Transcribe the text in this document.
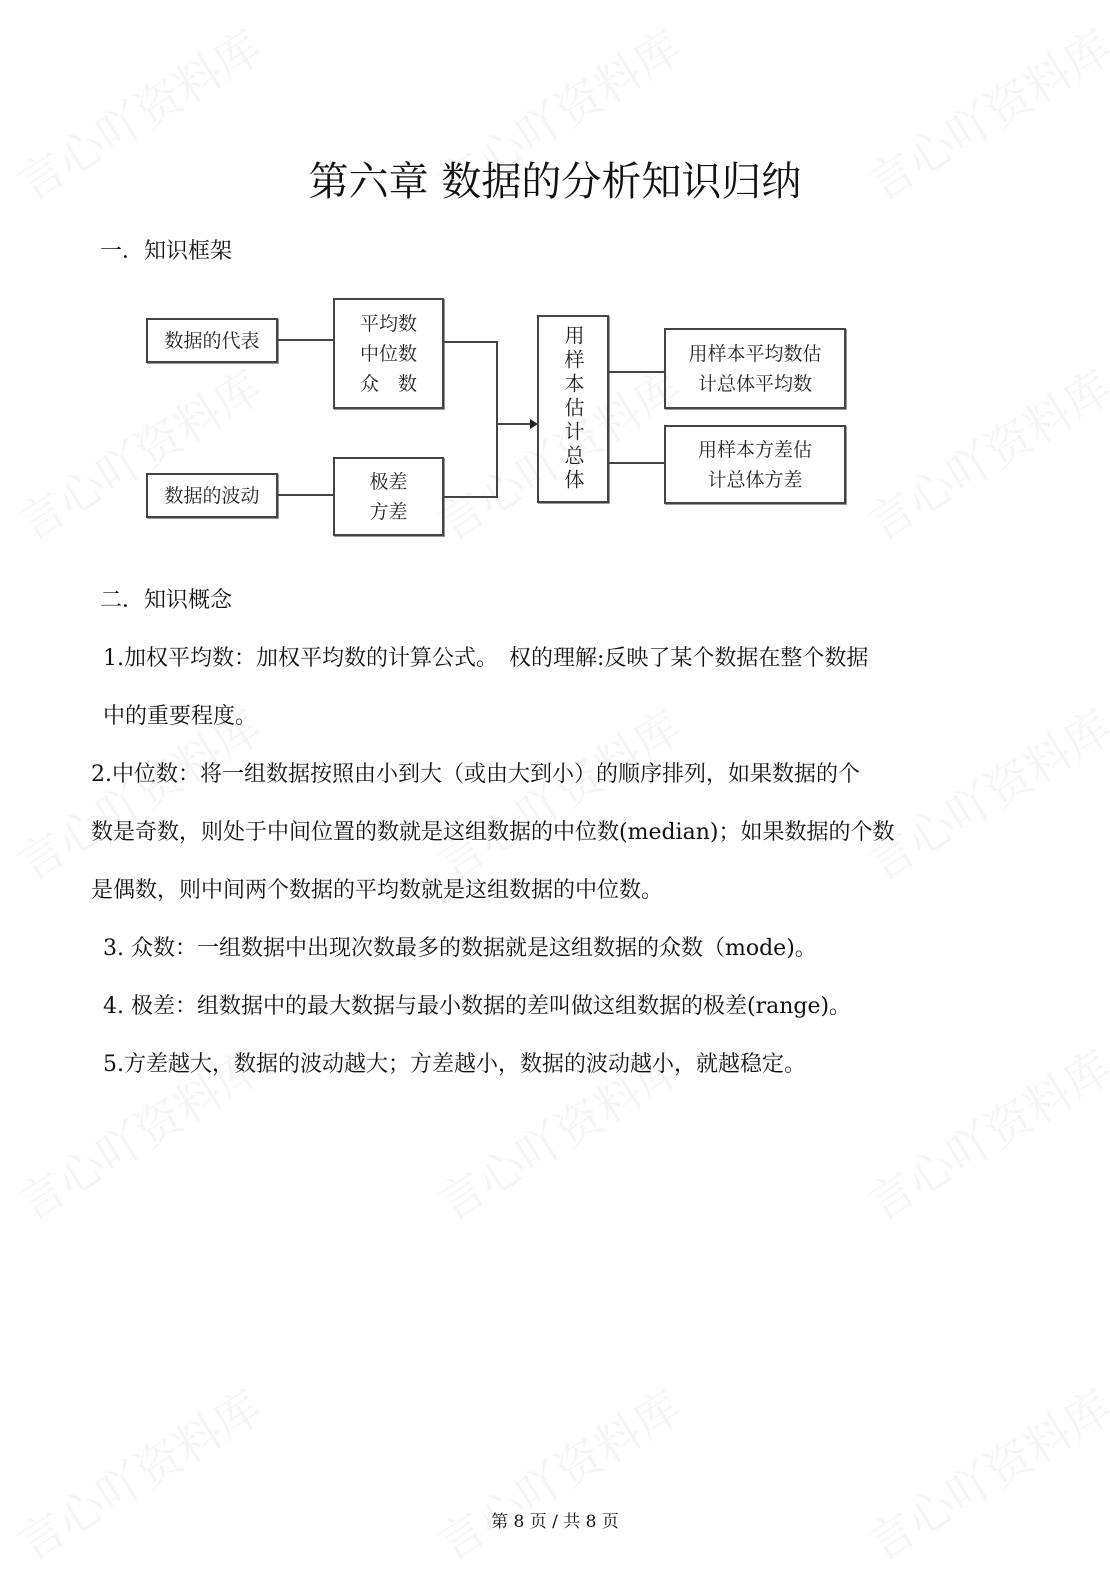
第六章 数据的分析知识归纳
一．知识框架
数据的代表
平均数
中位数
众　数
数据的波动
极差
方差
用样本估计总体	用样本平均数估
计总体平均数
用样本方差估
计总体方差
二．知识概念
1.加权平均数：加权平均数的计算公式。　权的理解:反映了某个数据在整个数据
中的重要程度。
2.中位数：将一组数据按照由小到大（或由大到小）的顺序排列，如果数据的个
数是奇数，则处于中间位置的数就是这组数据的中位数(median)；如果数据的个数
是偶数，则中间两个数据的平均数就是这组数据的中位数。
3. 众数：一组数据中出现次数最多的数据就是这组数据的众数（mode)。
4. 极差：组数据中的最大数据与最小数据的差叫做这组数据的极差(range)。
5.方差越大，数据的波动越大；方差越小，数据的波动越小，就越稳定。
第 8 页 / 共 8 页
